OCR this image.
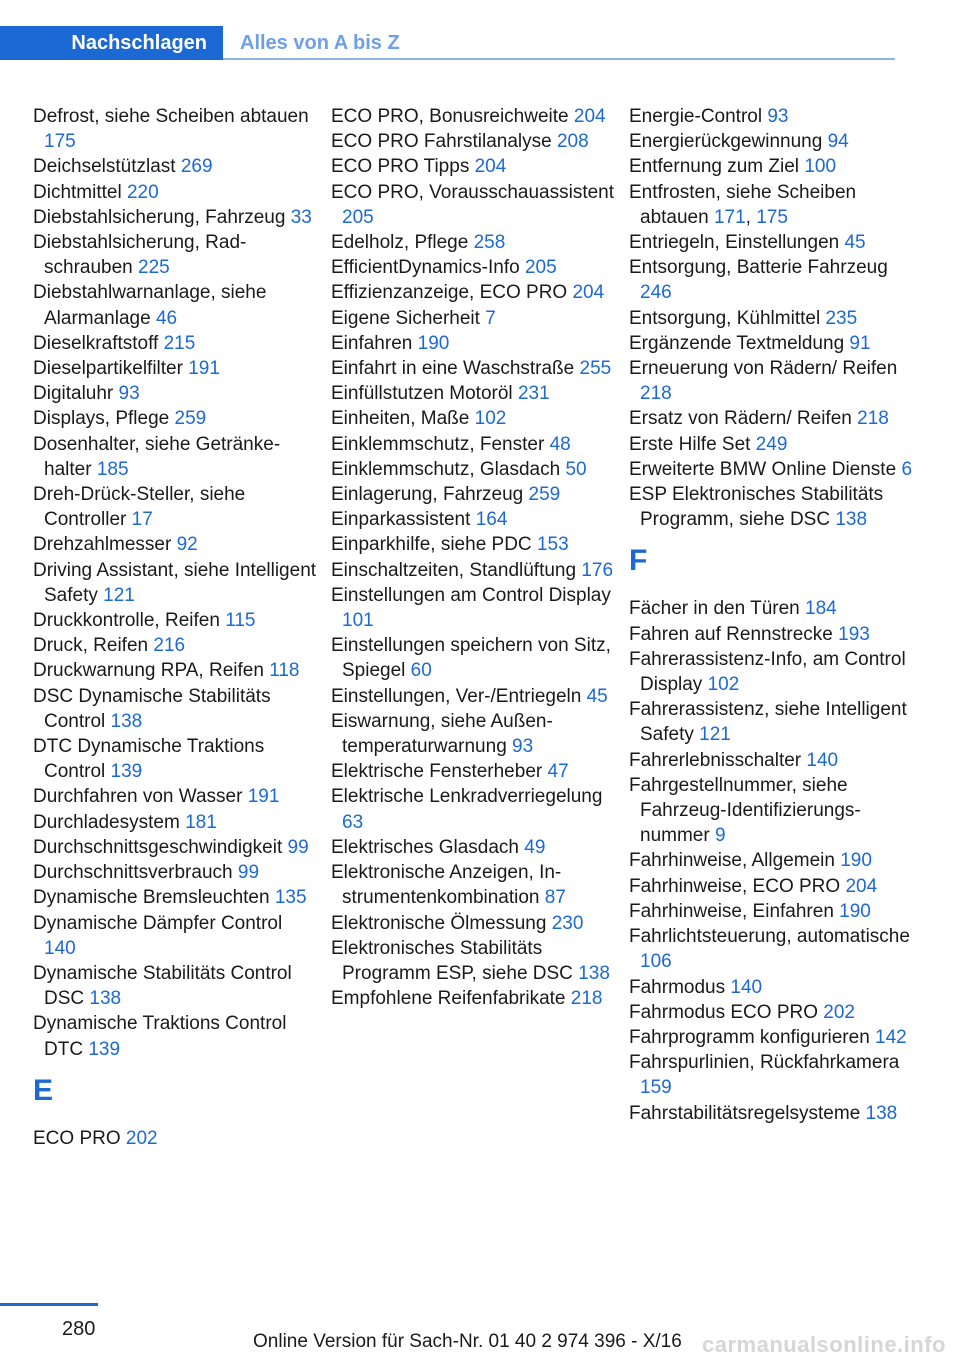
Nachschlagen	Alles von A bis Z
Defrost, siehe Scheiben abtauen 175
Deichselstützlast 269
Dichtmittel 220
Diebstahlsicherung, Fahrzeug 33
Diebstahlsicherung, Radschrauben 225
Diebstahlwarnanlage, siehe Alarmanlage 46
Dieselkraftstoff 215
Dieselpartikelfilter 191
Digitaluhr 93
Displays, Pflege 259
Dosenhalter, siehe Getränkehalter 185
Dreh-Drück-Steller, siehe Controller 17
Drehzahlmesser 92
Driving Assistant, siehe Intelligent Safety 121
Druckkontrolle, Reifen 115
Druck, Reifen 216
Druckwarnung RPA, Reifen 118
DSC Dynamische Stabilitäts Control 138
DTC Dynamische Traktions Control 139
Durchfahren von Wasser 191
Durchladesystem 181
Durchschnittsgeschwindigkeit 99
Durchschnittsverbrauch 99
Dynamische Bremsleuchten 135
Dynamische Dämpfer Control 140
Dynamische Stabilitäts Control DSC 138
Dynamische Traktions Control DTC 139
E
ECO PRO 202
ECO PRO, Bonusreichweite 204
ECO PRO Fahrstilanalyse 208
ECO PRO Tipps 204
ECO PRO, Vorausschauassistent 205
Edelholz, Pflege 258
EfficientDynamics-Info 205
Effizienzanzeige, ECO PRO 204
Eigene Sicherheit 7
Einfahren 190
Einfahrt in eine Waschstraße 255
Einfüllstutzen Motoröl 231
Einheiten, Maße 102
Einklemmschutz, Fenster 48
Einklemmschutz, Glasdach 50
Einlagerung, Fahrzeug 259
Einparkassistent 164
Einparkhilfe, siehe PDC 153
Einschaltzeiten, Standlüftung 176
Einstellungen am Control Display 101
Einstellungen speichern von Sitz, Spiegel 60
Einstellungen, Ver-/Entriegeln 45
Eiswarnung, siehe Außentemperaturwarnung 93
Elektrische Fensterheber 47
Elektrische Lenkradverriegelung 63
Elektrisches Glasdach 49
Elektronische Anzeigen, Instrumentenkombination 87
Elektronische Ölmessung 230
Elektronisches Stabilitäts Programm ESP, siehe DSC 138
Empfohlene Reifenfabrikate 218
Energie-Control 93
Energierückgewinnung 94
Entfernung zum Ziel 100
Entfrosten, siehe Scheiben abtauen 171, 175
Entriegeln, Einstellungen 45
Entsorgung, Batterie Fahrzeug 246
Entsorgung, Kühlmittel 235
Ergänzende Textmeldung 91
Erneuerung von Rädern/ Reifen 218
Ersatz von Rädern/ Reifen 218
Erste Hilfe Set 249
Erweiterte BMW Online Dienste 6
ESP Elektronisches Stabilitäts Programm, siehe DSC 138
F
Fächer in den Türen 184
Fahren auf Rennstrecke 193
Fahrerassistenz-Info, am Control Display 102
Fahrerassistenz, siehe Intelligent Safety 121
Fahrerlebnisschalter 140
Fahrgestellnummer, siehe Fahrzeug-Identifizierungsnummer 9
Fahrhinweise, Allgemein 190
Fahrhinweise, ECO PRO 204
Fahrhinweise, Einfahren 190
Fahrlichtsteuerung, automatische 106
Fahrmodus 140
Fahrmodus ECO PRO 202
Fahrprogramm konfigurieren 142
Fahrspurlinien, Rückfahrkamera 159
Fahrstabilitätsregelsysteme 138
280
Online Version für Sach-Nr. 01 40 2 974 396 - X/16 carmanualsonline.info
